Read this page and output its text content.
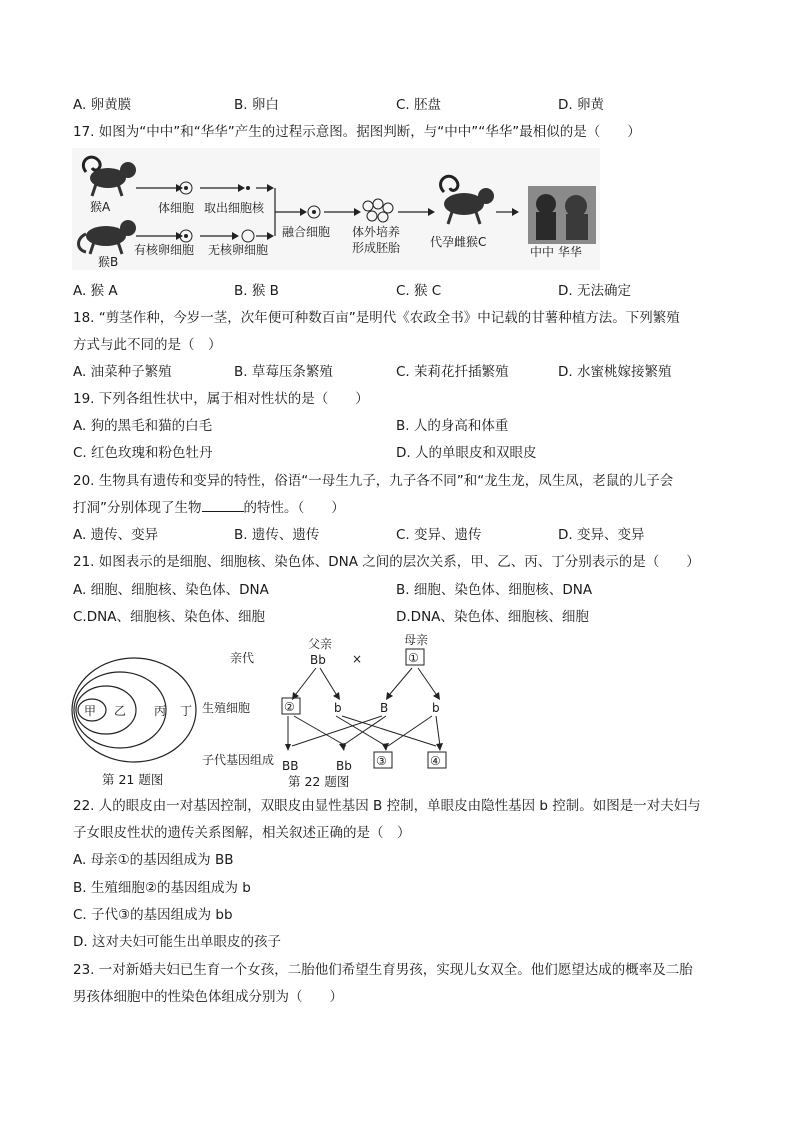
A. 卵黄膜	B. 卵白	C. 胚盘	D. 卵黄
17. 如图为“中中”和“华华”产生的过程示意图。据图判断，与“中中”“华华”最相似的是（　　）
猴A
猴B
体细胞 取出细胞核
有核卵细胞 无核卵细胞
融合细胞 体外培养
形成胚胎 代孕雌猴C
中中 华华
A. 猴 A	B. 猴 B	C. 猴 C	D. 无法确定
18. “剪茎作种，今岁一茎，次年便可种数百亩”是明代《农政全书》中记载的甘薯种植方法。下列繁殖
方式与此不同的是（　）
A. 油菜种子繁殖	B. 草莓压条繁殖	C. 茉莉花扦插繁殖	D. 水蜜桃嫁接繁殖
19. 下列各组性状中，属于相对性状的是（　　）
A. 狗的黑毛和猫的白毛	B. 人的身高和体重
C. 红色玫瑰和粉色牡丹	D. 人的单眼皮和双眼皮
20. 生物具有遗传和变异的特性，俗语“一母生九子，九子各不同”和“龙生龙，凤生凤，老鼠的儿子会
打洞”分别体现了生物	的特性。（　　）
A. 遗传、变异	B. 遗传、遗传	C. 变异、遗传	D. 变异、变异
21. 如图表示的是细胞、细胞核、染色体、DNA 之间的层次关系，甲、乙、丙、丁分别表示的是（　　）
A. 细胞、细胞核、染色体、DNA	B. 细胞、染色体、细胞核、DNA
C.DNA、细胞核、染色体、细胞	D.DNA、染色体、细胞核、细胞
甲 乙 丙 丁
第 21 题图
亲代
父亲
Bb ×
母亲
①
生殖细胞	②	b	B	b
子代基因组成 BB	Bb ③	④
第 22 题图
22. 人的眼皮由一对基因控制，双眼皮由显性基因 B 控制，单眼皮由隐性基因 b 控制。如图是一对夫妇与
子女眼皮性状的遗传关系图解，相关叙述正确的是（　）
A. 母亲①的基因组成为 BB
B. 生殖细胞②的基因组成为 b
C. 子代③的基因组成为 bb
D. 这对夫妇可能生出单眼皮的孩子
23. 一对新婚夫妇已生育一个女孩，二胎他们希望生育男孩，实现儿女双全。他们愿望达成的概率及二胎
男孩体细胞中的性染色体组成分别为（　　）
